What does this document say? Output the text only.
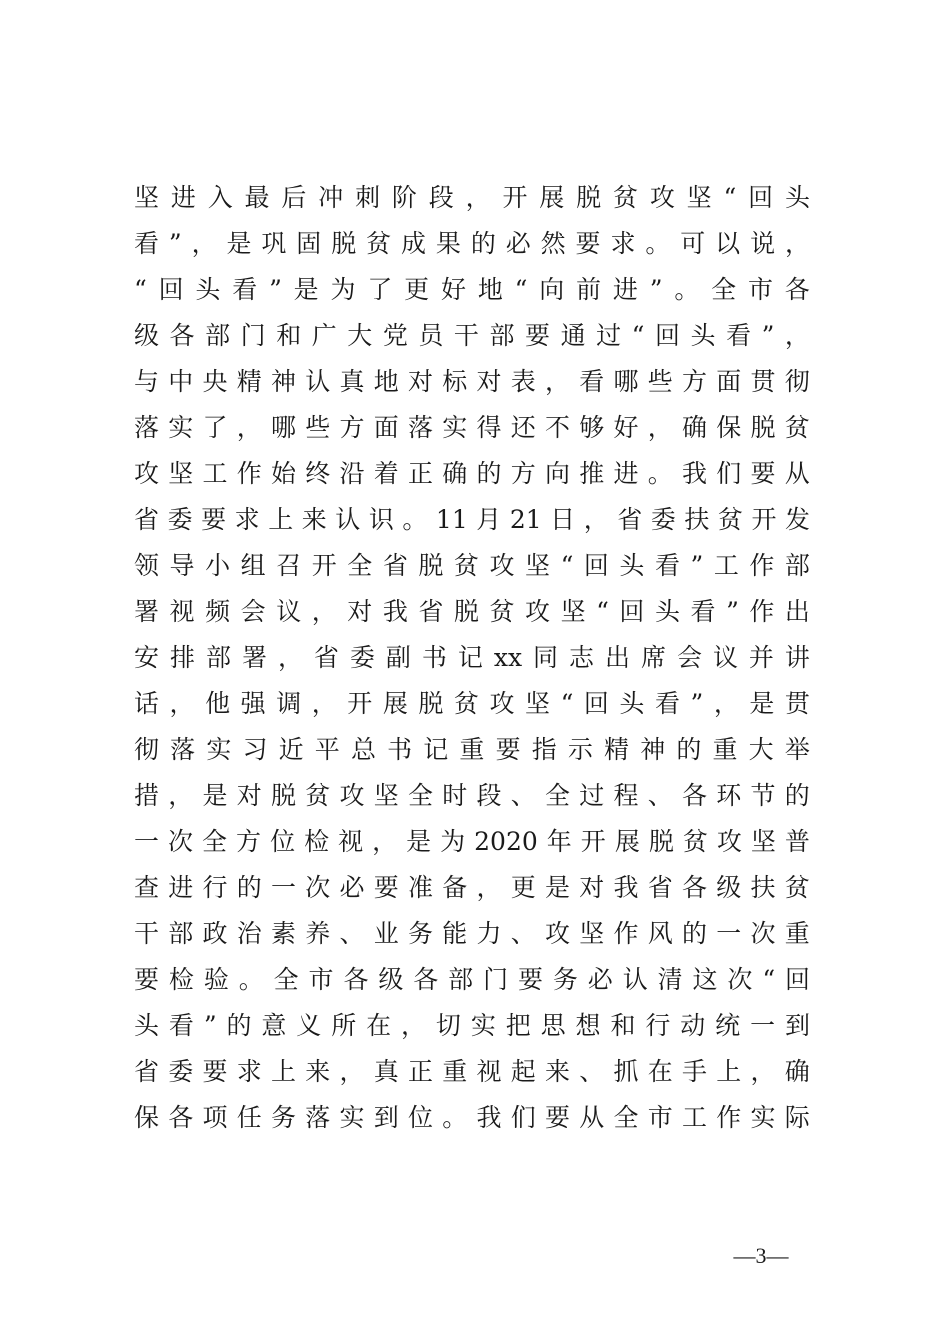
坚 进 入 最 后 冲 刺 阶 段 ， 开 展 脱 贫 攻 坚 “ 回 头
看 ” ， 是 巩 固 脱 贫 成 果 的 必 然 要 求 。 可 以 说 ，
“ 回 头 看 ” 是 为 了 更 好 地 “ 向 前 进 ” 。 全 市 各
级 各 部 门 和 广 大 党 员 干 部 要 通 过 “ 回 头 看 ” ，
与 中 央 精 神 认 真 地 对 标 对 表 ， 看 哪 些 方 面 贯 彻
落 实 了 ， 哪 些 方 面 落 实 得 还 不 够 好 ， 确 保 脱 贫
攻 坚 工 作 始 终 沿 着 正 确 的 方 向 推 进 。 我 们 要 从
省 委 要 求 上 来 认 识 。 11 月 21 日 ， 省 委 扶 贫 开 发
领 导 小 组 召 开 全 省 脱 贫 攻 坚 “ 回 头 看 ” 工 作 部
署 视 频 会 议 ， 对 我 省 脱 贫 攻 坚 “ 回 头 看 ” 作 出
安 排 部 署 ， 省 委 副 书 记 xx 同 志 出 席 会 议 并 讲
话 ， 他 强 调 ， 开 展 脱 贫 攻 坚 “ 回 头 看 ” ， 是 贯
彻 落 实 习 近 平 总 书 记 重 要 指 示 精 神 的 重 大 举
措 ， 是 对 脱 贫 攻 坚 全 时 段 、 全 过 程 、 各 环 节 的
一 次 全 方 位 检 视 ， 是 为 2020 年 开 展 脱 贫 攻 坚 普
查 进 行 的 一 次 必 要 准 备 ， 更 是 对 我 省 各 级 扶 贫
干 部 政 治 素 养 、 业 务 能 力 、 攻 坚 作 风 的 一 次 重
要 检 验 。 全 市 各 级 各 部 门 要 务 必 认 清 这 次 “ 回
头 看 ” 的 意 义 所 在 ， 切 实 把 思 想 和 行 动 统 一 到
省 委 要 求 上 来 ， 真 正 重 视 起 来 、 抓 在 手 上 ， 确
保 各 项 任 务 落 实 到 位 。 我 们 要 从 全 市 工 作 实 际
—3—
